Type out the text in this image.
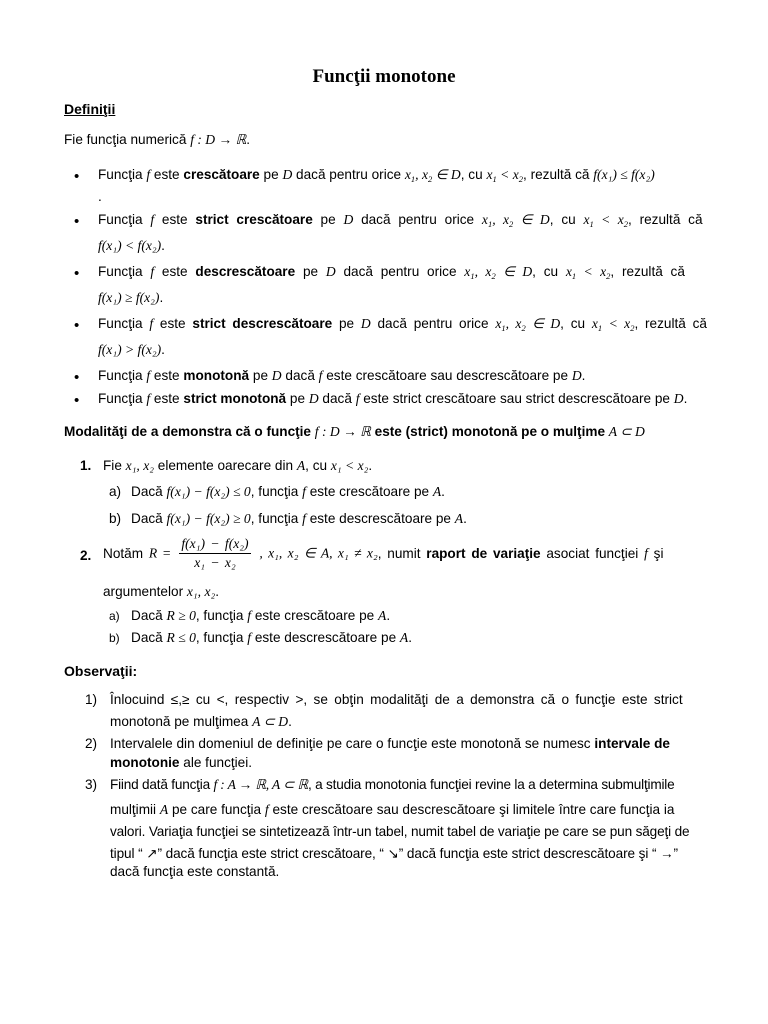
Funcţii monotone
Definiţii
Fie funcţia numerică f : D → ℝ.
• Funcţia f este crescătoare pe D dacă pentru orice $x_1$, $x_2$ ∈ D, cu $x_1 < x_2$, rezultă că f(x₁) ≤ f(x₂)
.
• Funcţia f este strict crescătoare pe D dacă pentru orice $x_1$, $x_2$ ∈ D, cu $x_1 < x_2$, rezultă că
f(x₁) < f(x₂).
• Funcţia f este descrescătoare pe D dacă pentru orice $x_1$, $x_2$ ∈ D, cu $x_1 < x_2$, rezultă că
f(x₁) ≥ f(x₂).
• Funcţia f este strict descrescătoare pe D dacă pentru orice $x_1$, $x_2$ ∈ D, cu $x_1 < x_2$, rezultă că
f(x₁) > f(x₂).
• Funcţia f este monotonă pe D dacă f este crescătoare sau descrescătoare pe D.
• Funcţia f este strict monotonă pe D dacă f este strict crescătoare sau strict descrescătoare pe D.
Modalităţi de a demonstra că o funcţie f : D → ℝ este (strict) monotonă pe o mulţime A ⊂ D
1. Fie x₁, x₂ elemente oarecare din A, cu x₁ < x₂.
a) Dacă f(x₁) − f(x₂) ≤ 0, funcţia f este crescătoare pe A.
b) Dacă f(x₁) − f(x₂) ≥ 0, funcţia f este descrescătoare pe A.
2. Notăm $R = \frac{\text{f(x₁) − f(x₂)}}{\text{x₁ − x₂}}$ , x₁, x₂ ∈ A, x₁ ≠ x₂, numit raport de variaţie asociat funcţiei f şi
argumentelor x₁, x₂.
a) Dacă R ≥ 0, funcţia f este crescătoare pe A.
b) Dacă R ≤ 0, funcţia f este descrescătoare pe A.
Observaţii:
1) Înlocuind ≤,≥ cu <, respectiv >, se obţin modalităţi de a demonstra că o funcţie este strict
monotonă pe mulţimea A ⊂ D.
2) Intervalele din domeniul de definiţie pe care o funcţie este monotonă se numesc intervale de
monotonie ale funcţiei.
3) Fiind dată funcţia f : A → ℝ, A ⊂ ℝ, a studia monotonia funcţiei revine la a determina submulţimile
mulţimii A pe care funcţia f este crescătoare sau descrescătoare şi limitele între care funcţia ia
valori. Variaţia funcţiei se sintetizează într-un tabel, numit tabel de variaţie pe care se pun săgeţi de
tipul “ ↗” dacă funcţia este strict crescătoare, “ ↘” dacă funcţia este strict descrescătoare şi “ →”
dacă funcţia este constantă.
